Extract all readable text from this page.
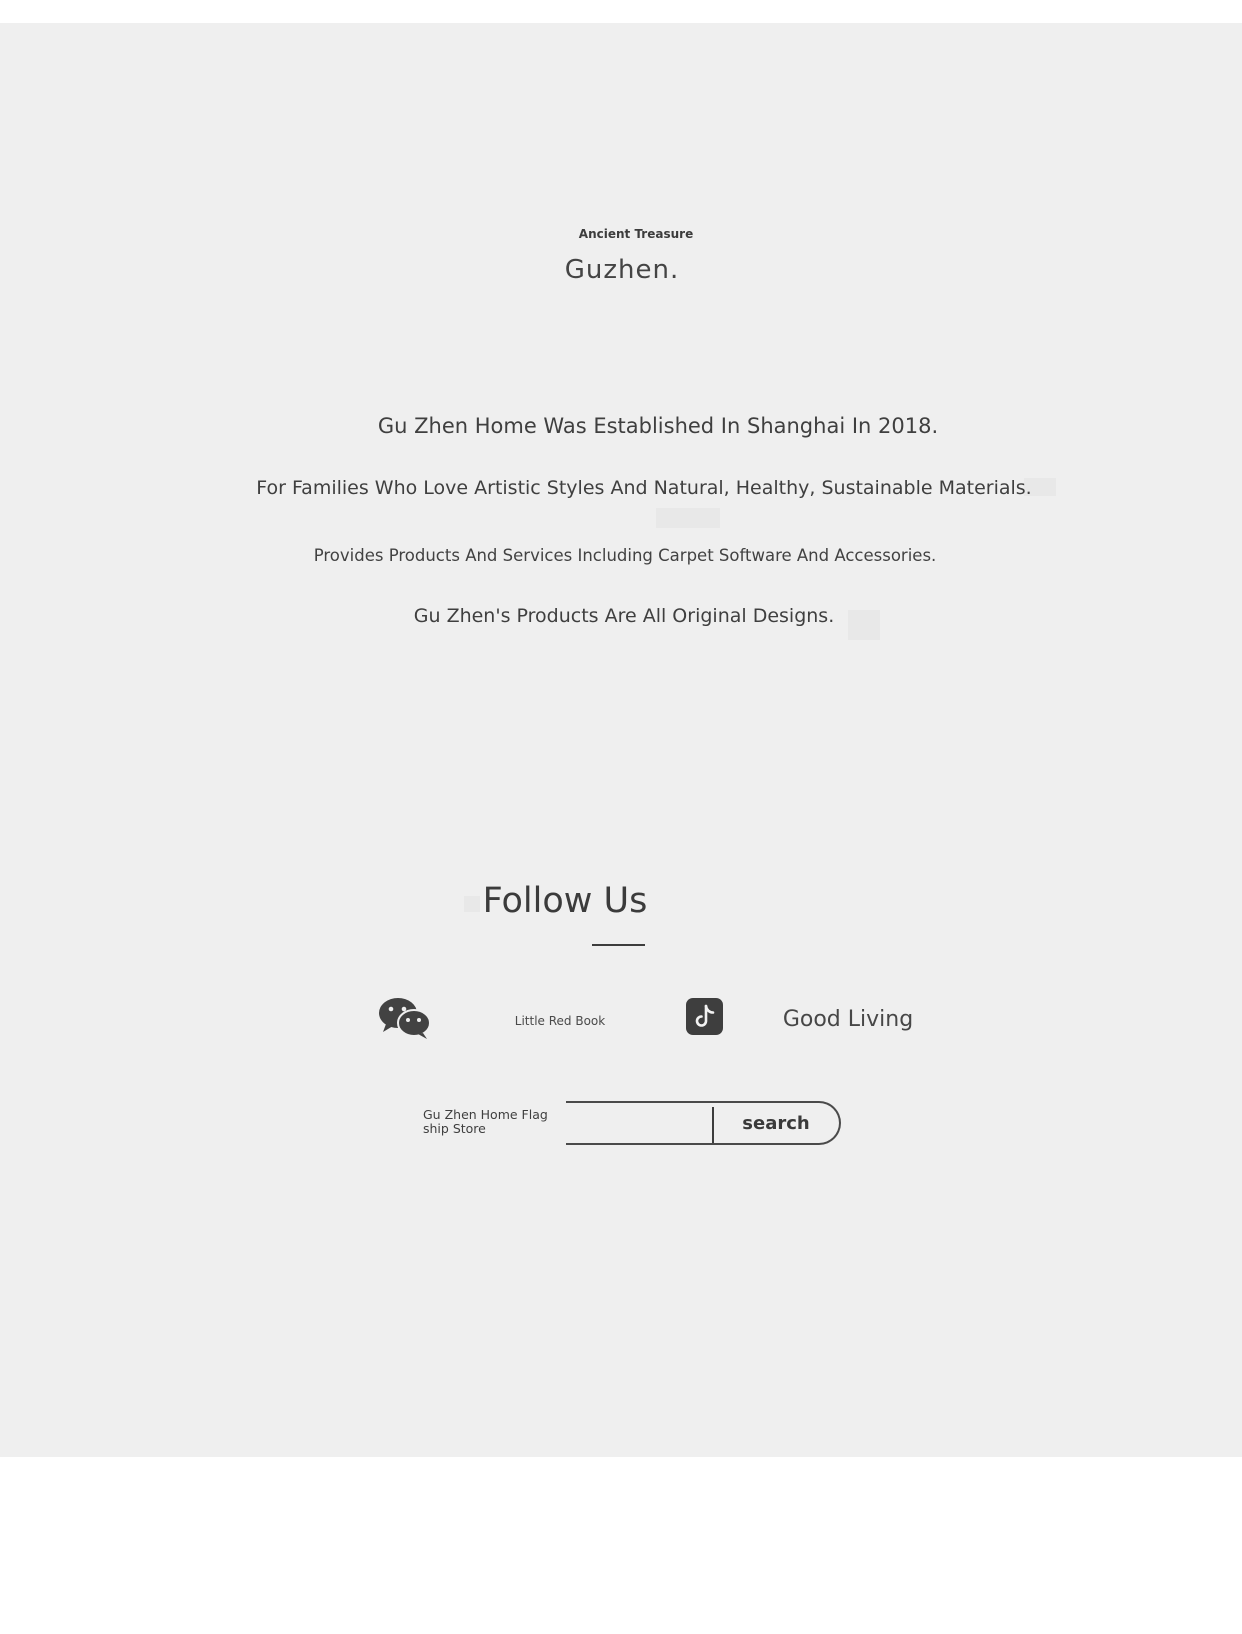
Ancient Treasure
Guzhen.
Gu Zhen Home Was Established In Shanghai In 2018.
For Families Who Love Artistic Styles And Natural, Healthy, Sustainable Materials.
Provides Products And Services Including Carpet Software And Accessories.
Gu Zhen's Products Are All Original Designs.
Follow Us
Little Red Book	Good Living
Gu Zhen Home Flagship Store	search
